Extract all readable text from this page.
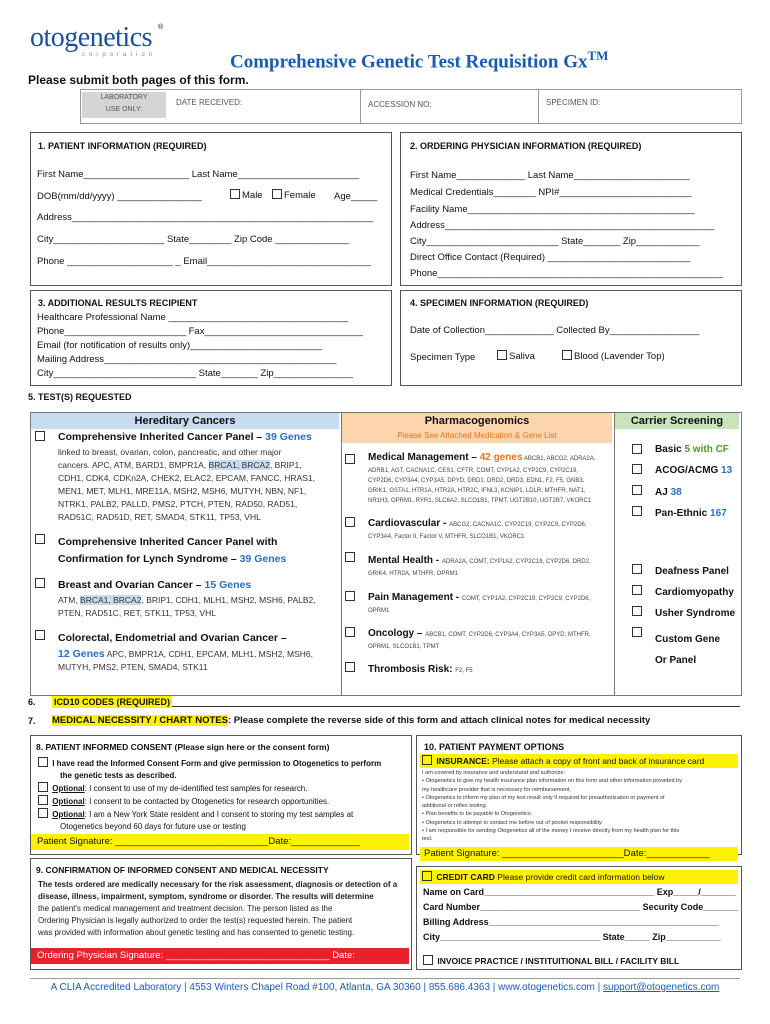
otogenetics
corporation
®
Comprehensive Genetic Test Requisition Gx™
Please submit both pages of this form.
LABORATORY
USE ONLY:
DATE RECEIVED:	ACCESSION NO:	SPECIMEN ID:
1. PATIENT INFORMATION (REQUIRED)
First Name____________________ Last Name_______________________
DOB(mm/dd/yyyy) ________________	Male	Female Age_____
Address_________________________________________________________
City_____________________ State________ Zip Code ______________
Phone ____________________ _ Email_______________________________
2. ORDERING PHYSICIAN INFORMATION (REQUIRED)
First Name_____________ Last Name______________________
Medical Credentials________ NPI#_________________________
Facility Name___________________________________________
Address___________________________________________________
City_________________________ State_______ Zip____________
Direct Office Contact (Required) ___________________________
Phone______________________________________________________
3. ADDITIONAL RESULTS RECIPIENT
Healthcare Professional Name __________________________________
Phone_______________________ Fax______________________________
Email (for notification of results only)_________________________
Mailing Address____________________________________________
City___________________________ State_______ Zip_______________
4. SPECIMEN INFORMATION (REQUIRED)
Date of Collection_____________ Collected By_________________
Specimen Type	Saliva	Blood (Lavender Top)
5. TEST(S) REQUESTED
Hereditary Cancers
Comprehensive Inherited Cancer Panel – 39 Genes
linked to breast, ovarian, colon, pancreatic, and other major
cancers. APC, ATM, BARD1, BMPR1A, BRCA1, BRCA2, BRIP1,
CDH1, CDK4, CDKn2A, CHEK2, ELAC2, EPCAM, FANCC, HRAS1,
MEN1, MET, MLH1, MRE11A, MSH2, MSH6, MUTYH, NBN, NF1,
NTRK1, PALB2, PALLD, PMS2, PTCH, PTEN, RAD50, RAD51,
RAD51C, RAD51D, RET, SMAD4, STK11, TP53, VHL
Comprehensive Inherited Cancer Panel with
Confirmation for Lynch Syndrome – 39 Genes
Breast and Ovarian Cancer – 15 Genes
ATM, BRCA1, BRCA2, BRIP1, CDH1, MLH1, MSH2, MSH6, PALB2,
PTEN, RAD51C, RET, STK11, TP53, VHL
Colorectal, Endometrial and Ovarian Cancer –
12 Genes APC, BMPR1A, CDH1, EPCAM, MLH1, MSH2, MSH6,
MUTYH, PMS2, PTEN, SMAD4, STK11
Pharmacogenomics
Please See Attached Medication & Gene List
Medical Management – 42 genes ABCB1, ABCG2, ADRA2A,
ADRB1, AGT, CACNA1C, CES1, CFTR, COMT, CYP1A2, CYP2C9, CYP2C19,
CYP2D6, CYP3A4, CYP3A5, DPYD, DRD1, DRD2, DRD3, EDN1, F2, F5, GNB3,
GRIK1, GSTA1, HTR1A, HTR2A, HTR2C, IFNL3, KCNIP1, LDLR, MTHFR, NAT1,
NR1H3, OPRM1, RYR1, SLC6A2, SLCO1B1, TPMT, UGT2B10, UGT2B7, VKORC1
Cardiovascular - ABCG2, CACNA1C, CYP2C19, CYP2C9, CYP2D6,
CYP3A4, Factor II, Factor V, MTHFR, SLCO1B1, VKORC1
Mental Health - ADRA2A, COMT, CYP1A2, CYP2C19, CYP2D6, DRD2,
GRIK4, HTR2A, MTHFR, OPRM1
Pain Management - COMT, CYP1A2, CYP2C19, CYP2C9, CYP2D6,
OPRM1
Oncology – ABCB1, COMT, CYP2D6, CYP3A4, CYP3A5, DPYD, MTHFR,
OPRM1, SLCO1B1, TPMT
Thrombosis Risk: F2, F5
Carrier Screening
Basic 5 with CF
ACOG/ACMG 13
AJ 38
Pan-Ethnic 167
Deafness Panel
Cardiomyopathy
Usher Syndrome
Custom Gene
Or Panel
6. ICD10 CODES (REQUIRED)
7. MEDICAL NECESSITY / CHART NOTES: Please complete the reverse side of this form and attach clinical notes for medical necessity
8. PATIENT INFORMED CONSENT (Please sign here or the consent form)
I have read the Informed Consent Form and give permission to Otogenetics to perform
the genetic tests as described.
Optional: I consent to use of my de-identified test samples for research.
Optional: I consent to be contacted by Otogenetics for research opportunities.
Optional: I am a New York State resident and I consent to storing my test samples at
Otogenetics beyond 60 days for future use or testing
Patient Signature: _____________________________Date:_____________
9. CONFIRMATION OF INFORMED CONSENT AND MEDICAL NECESSITY
The tests ordered are medically necessary for the risk assessment, diagnosis or detection of a
disease, illness, impairment, symptom, syndrome or disorder. The results will determine
the patient's medical management and treatment decision. The person listed as the
Ordering Physician is legally authorized to order the test(s) requested herein. The patient
was provided with information about genetic testing and has consented to genetic testing.
Ordering Physician Signature: _______________________________ Date: ______________
10. PATIENT PAYMENT OPTIONS
INSURANCE: Please attach a copy of front and back of insurance card
I am covered by insurance and understand and authorize:
• Otogenetics to give my health insurance plan information on this form and other information provided by
my healthcare provider that is necessary for reimbursement.
• Otogenetics to inform my plan of my test result only if required for preauthorization or payment of
additional or reflex testing.
• Plan benefits to be payable to Otogenetics.
• Otogenetics to attempt to contact me before out of pocket responsibility.
• I am responsible for sending Otogenetics all of the money I receive directly from my health plan for this
test.
Patient Signature: _______________________Date:____________
CREDIT CARD Please provide credit card information below
Name on Card__________________________________ Exp_____/_______
Card Number________________________________ Security Code_______
Billing Address______________________________________________
City________________________________ State_____ Zip___________
INVOICE PRACTICE / INSTITUITIONAL BILL / FACILITY BILL
A CLIA Accredited Laboratory | 4553 Winters Chapel Road #100, Atlanta, GA 30360 | 855.686.4363 | www.otogenetics.com | support@otogenetics.com
